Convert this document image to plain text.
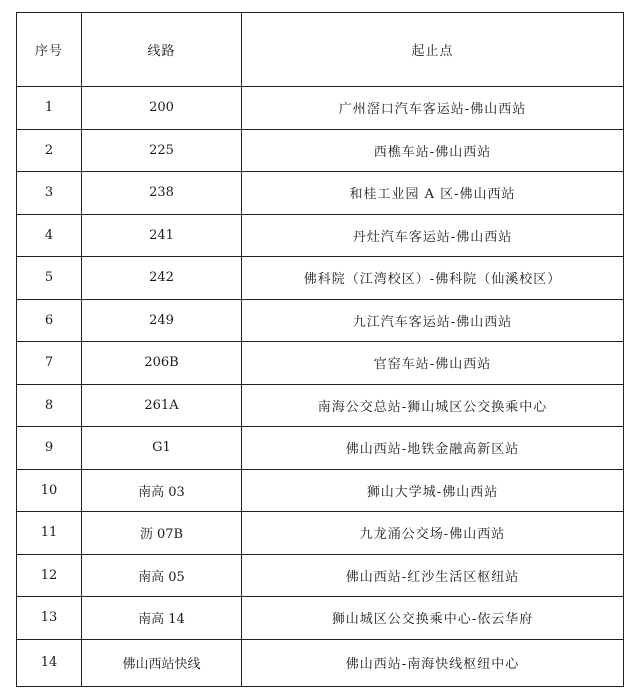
序号	线路	起止点
1	200	广州滘口汽车客运站-佛山西站
2	225	西樵车站-佛山西站
3	238	和桂工业园 A 区-佛山西站
4	241	丹灶汽车客运站-佛山西站
5	242	佛科院（江湾校区）-佛科院（仙溪校区）
6	249	九江汽车客运站-佛山西站
7	206B	官窑车站-佛山西站
8	261A	南海公交总站-狮山城区公交换乘中心
9	G1	佛山西站-地铁金融高新区站
10	南高 03	狮山大学城-佛山西站
11	沥 07B	九龙涌公交场-佛山西站
12	南高 05	佛山西站-红沙生活区枢纽站
13	南高 14	狮山城区公交换乘中心-依云华府
14	佛山西站快线	佛山西站-南海快线枢纽中心
